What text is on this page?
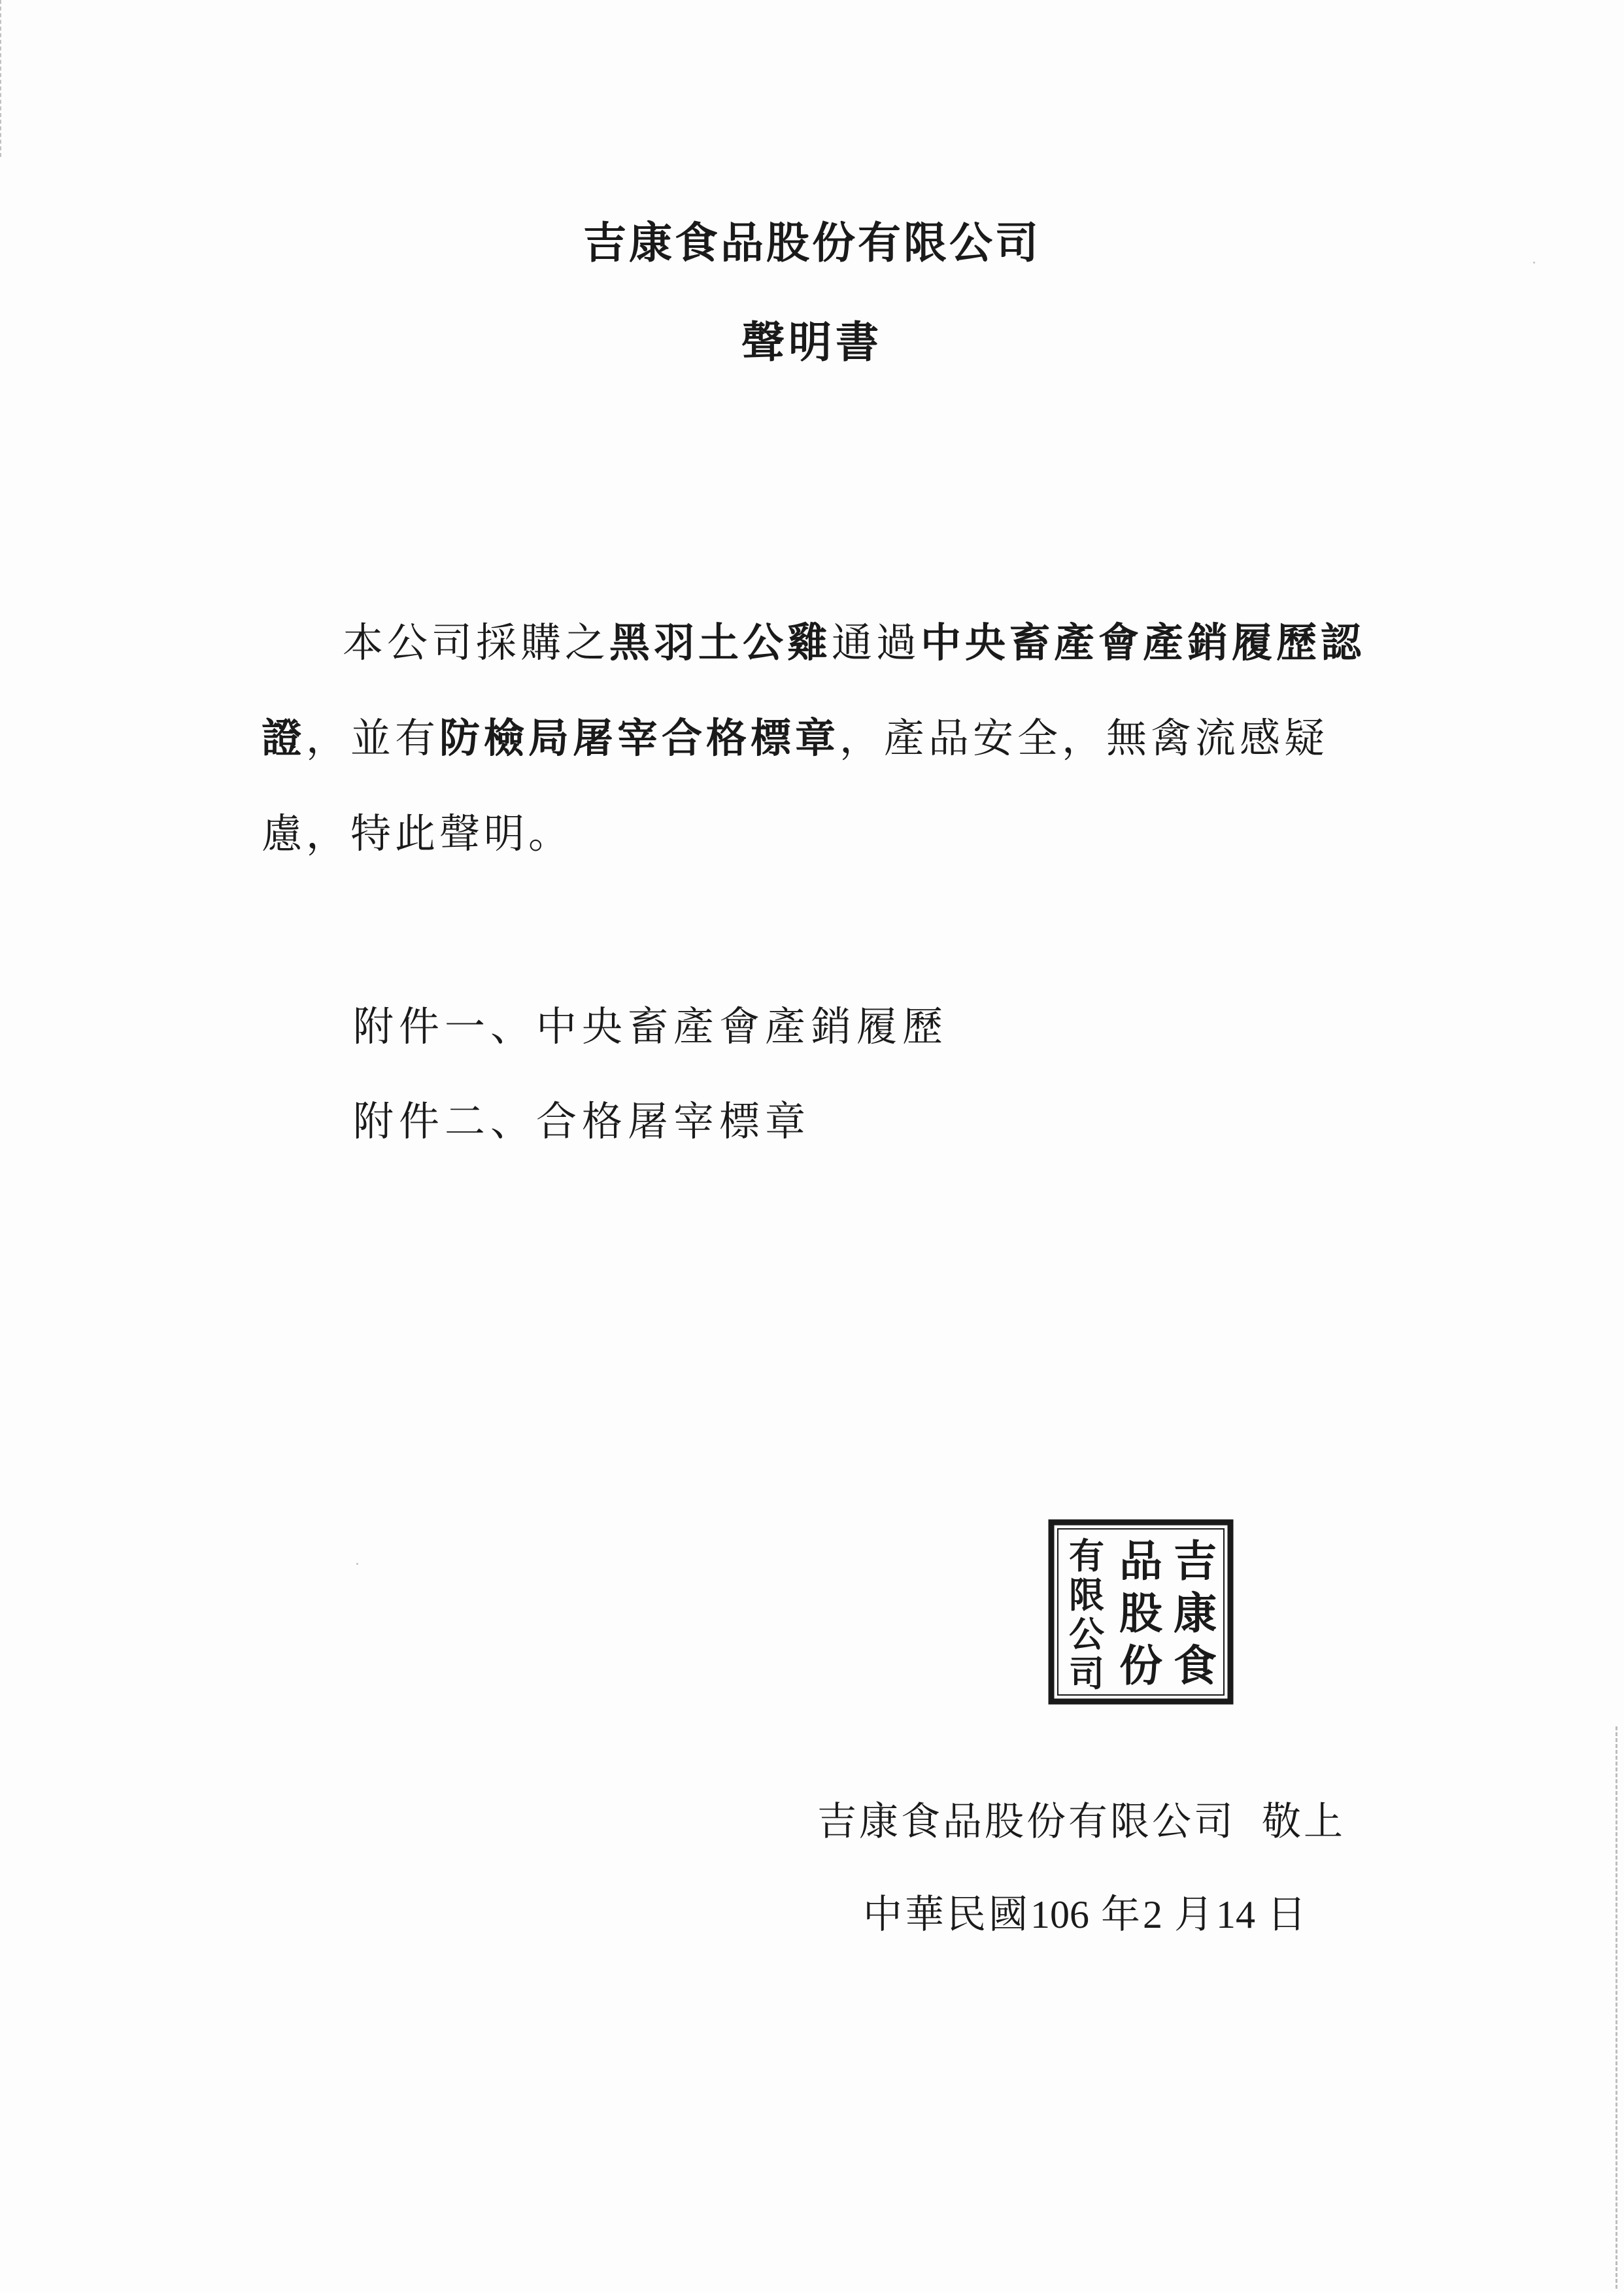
吉康食品股份有限公司
聲明書
本公司採購之黑羽土公雞通過中央畜產會產銷履歷認證，並有防檢局屠宰合格標章，產品安全，無禽流感疑慮，特此聲明。
附件一、中央畜產會產銷履歷
附件二、合格屠宰標章
吉
康
食
品
股
份
有
限
公
司
吉康食品股份有限公司 敬上
中華民國106 年2 月14 日
